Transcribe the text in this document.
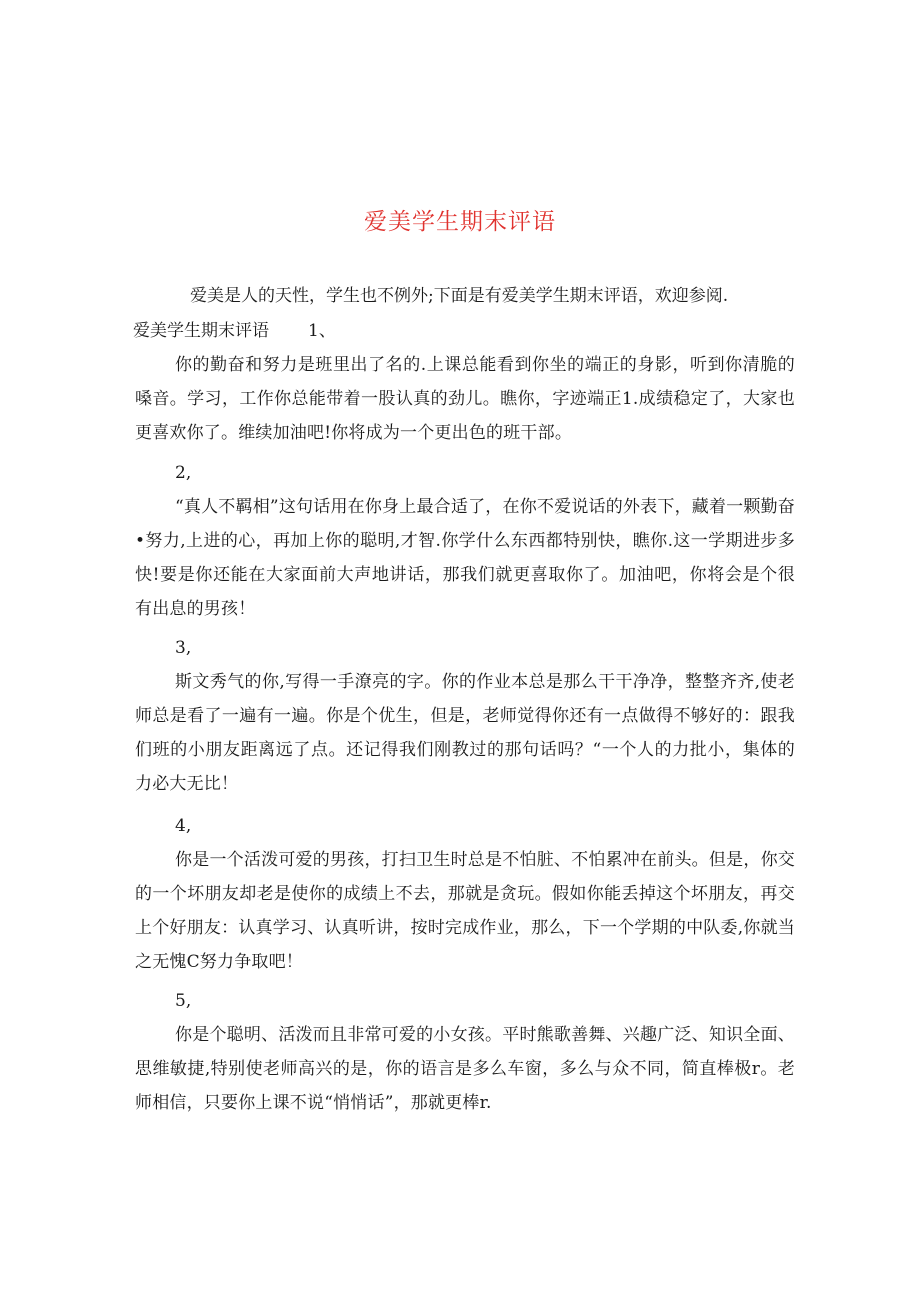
爱美学生期末评语

爱美是人的天性，学生也不例外;下面是有爱美学生期末评语，欢迎参阅.

爱美学生期末评语 1、

你的勤奋和努力是班里出了名的.上课总能看到你坐的端正的身影，听到你清脆的嗓音。学习，工作你总能带着一股认真的劲儿。瞧你，字迹端正1.成绩稳定了，大家也更喜欢你了。维续加油吧!你将成为一个更出色的班干部。

2,

“真人不羁相”这句话用在你身上最合适了，在你不爱说话的外表下，藏着一颗勤奋•努力,上进的心，再加上你的聪明,才智.你学什么东西都特别快，瞧你.这一学期进步多快!要是你还能在大家面前大声地讲话，那我们就更喜取你了。加油吧，你将会是个很有出息的男孩！

3,

斯文秀气的你,写得一手潦亮的字。你的作业本总是那么干干净净，整整齐齐,使老师总是看了一遍有一遍。你是个优生，但是，老师觉得你还有一点做得不够好的：跟我们班的小朋友距离远了点。还记得我们刚教过的那句话吗？“一个人的力批小，集体的力必大无比！

4,

你是一个活泼可爱的男孩，打扫卫生时总是不怕脏、不怕累冲在前头。但是，你交的一个坏朋友却老是使你的成绩上不去，那就是贪玩。假如你能丢掉这个坏朋友，再交上个好朋友：认真学习、认真听讲，按时完成作业，那么，下一个学期的中队委,你就当之无愧C努力争取吧！

5,

你是个聪明、活泼而且非常可爱的小女孩。平时熊歌善舞、兴趣广泛、知识全面、思维敏捷,特别使老师高兴的是，你的语言是多么车窗，多么与众不同，简直棒极r。老师相信，只要你上课不说“悄悄话”，那就更棒r.
